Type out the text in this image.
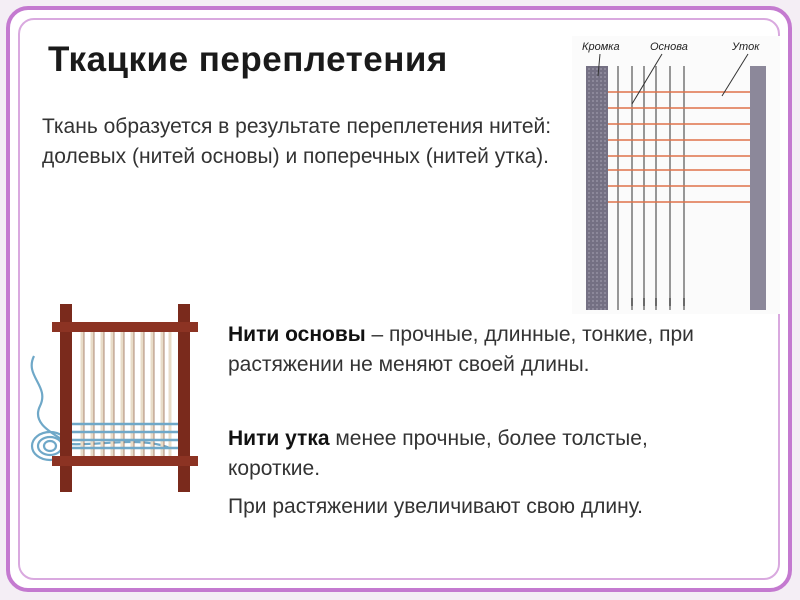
Ткацкие переплетения
Ткань образуется в результате переплетения нитей: долевых (нитей основы) и поперечных (нитей утка).
Нити основы – прочные, длинные, тонкие, при растяжении не меняют своей длины.
Нити утка менее прочные, более толстые, короткие.
При растяжении увеличивают свою длину.
Кромка	Основа	Уток
